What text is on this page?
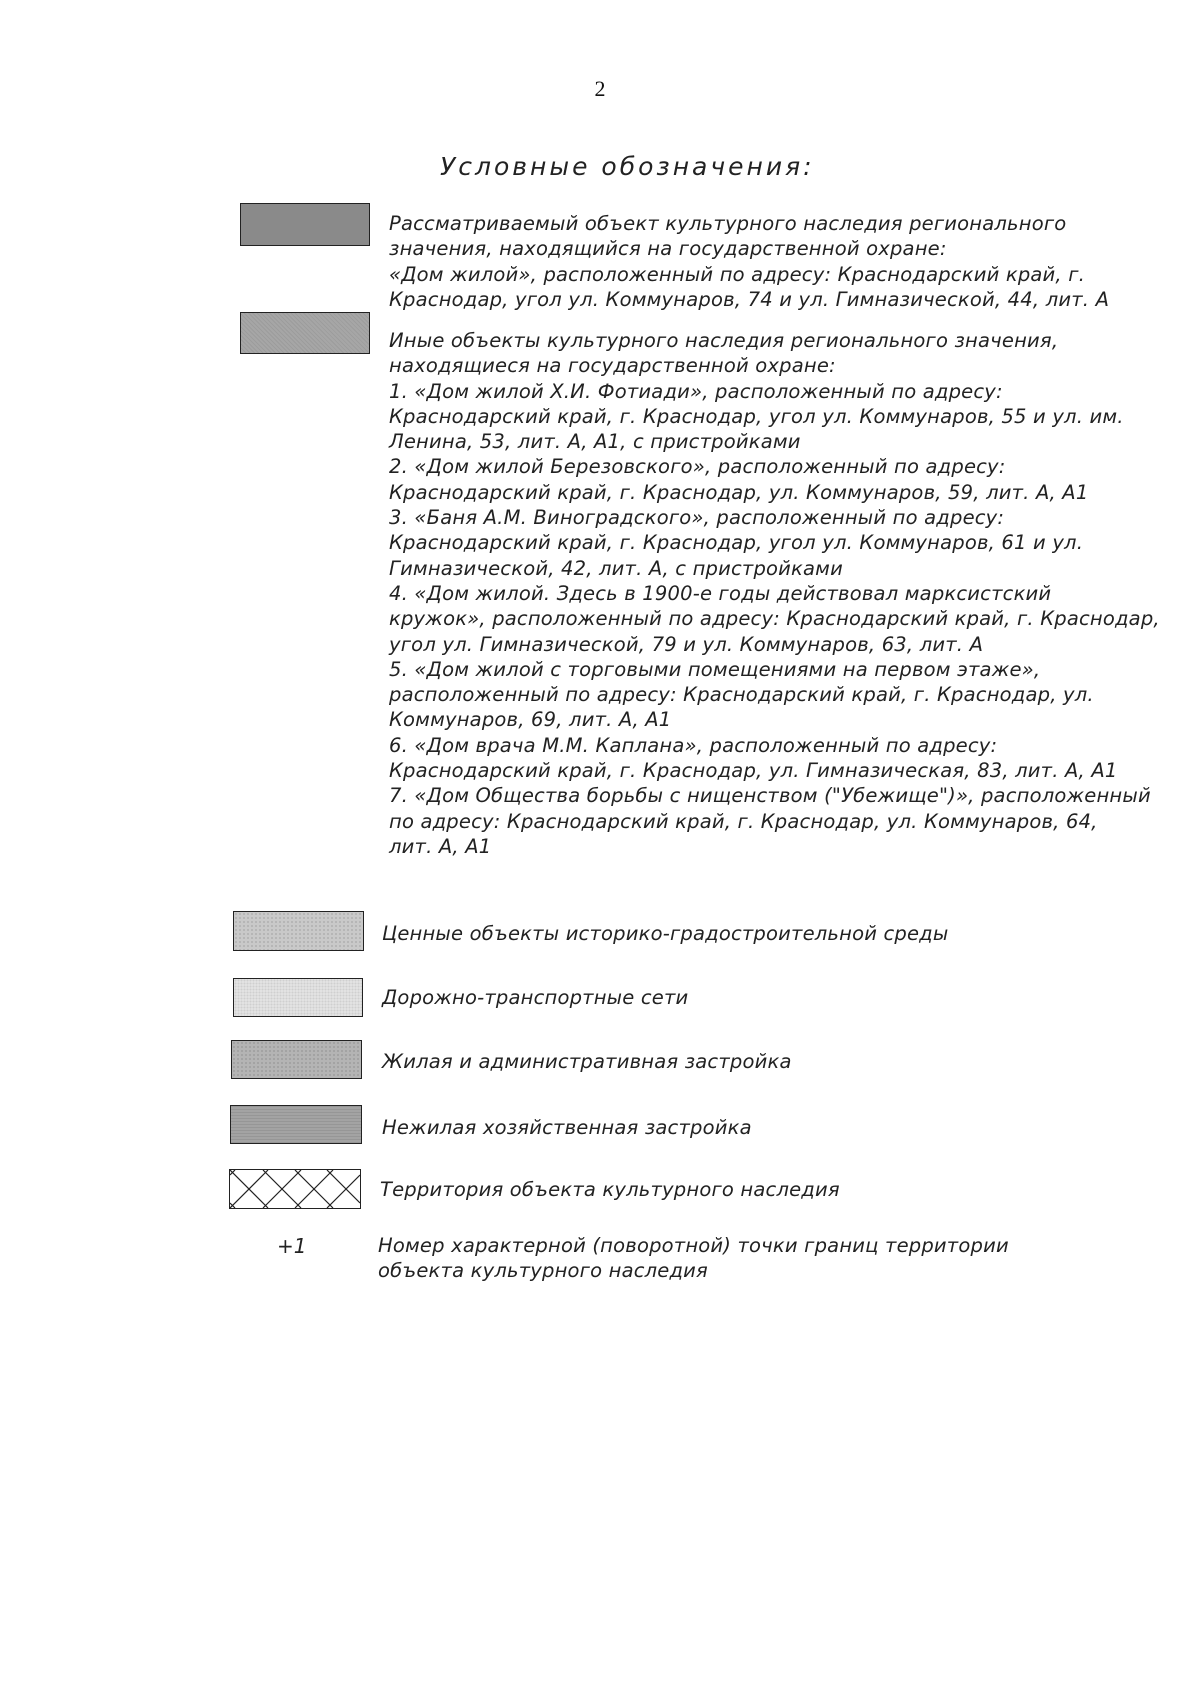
2
Условные обозначения:
Рассматриваемый объект культурного наследия регионального
значения, находящийся на государственной охране:
«Дом жилой», расположенный по адресу: Краснодарский край, г.
Краснодар, угол ул. Коммунаров, 74 и ул. Гимназической, 44, лит. А
Иные объекты культурного наследия регионального значения,
находящиеся на государственной охране:
1. «Дом жилой Х.И. Фотиади», расположенный по адресу:
Краснодарский край, г. Краснодар, угол ул. Коммунаров, 55 и ул. им.
Ленина, 53, лит. А, А1, с пристройками
2. «Дом жилой Березовского», расположенный по адресу:
Краснодарский край, г. Краснодар, ул. Коммунаров, 59, лит. А, А1
3. «Баня А.М. Виноградского», расположенный по адресу:
Краснодарский край, г. Краснодар, угол ул. Коммунаров, 61 и ул.
Гимназической, 42, лит. А, с пристройками
4. «Дом жилой. Здесь в 1900-е годы действовал марксистский
кружок», расположенный по адресу: Краснодарский край, г. Краснодар,
угол ул. Гимназической, 79 и ул. Коммунаров, 63, лит. А
5. «Дом жилой с торговыми помещениями на первом этаже»,
расположенный по адресу: Краснодарский край, г. Краснодар, ул.
Коммунаров, 69, лит. А, А1
6. «Дом врача М.М. Каплана», расположенный по адресу:
Краснодарский край, г. Краснодар, ул. Гимназическая, 83, лит. А, А1
7. «Дом Общества борьбы с нищенством ("Убежище")», расположенный
по адресу: Краснодарский край, г. Краснодар, ул. Коммунаров, 64,
лит. А, А1
Ценные объекты историко-градостроительной среды
Дорожно-транспортные сети
Жилая и административная застройка
Нежилая хозяйственная застройка
Территория объекта культурного наследия
+1	Номер характерной (поворотной) точки границ территории
объекта культурного наследия
